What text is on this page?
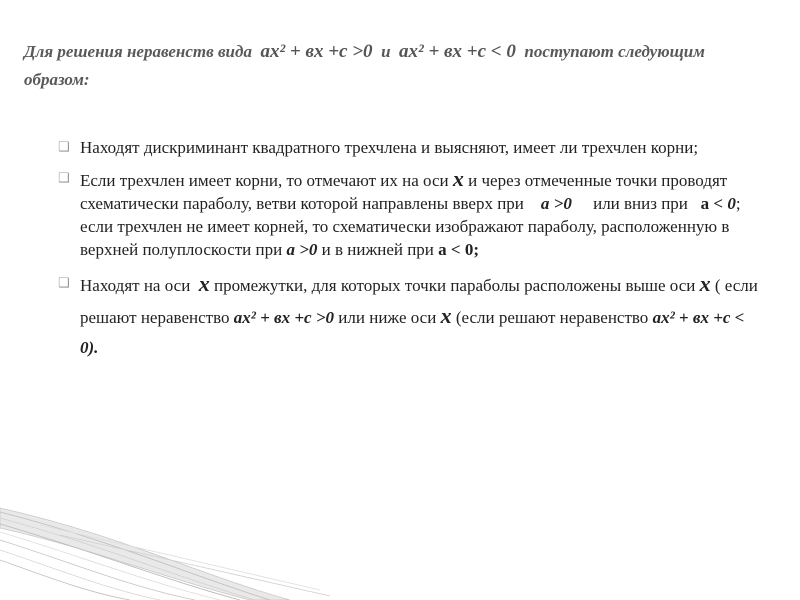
Для решения неравенств вида ах² + вх +с >0 и ах² + вх +с < 0 поступают следующим образом:
❑ Находят дискриминант квадратного трехчлена и выясняют, имеет ли трехчлен корни;
❑ Если трехчлен имеет корни, то отмечают их на оси х и через отмеченные точки проводят схематически параболу, ветви которой направлены вверх при а >0 или вниз при а < 0; если трехчлен не имеет корней, то схематически изображают параболу, расположенную в верхней полуплоскости при а >0 и в нижней при а < 0;
❑ Находят на оси х промежутки, для которых точки параболы расположены выше оси х ( если решают неравенство ах² + вх +с >0 или ниже оси х (если решают неравенство ах² + вх +с < 0).
